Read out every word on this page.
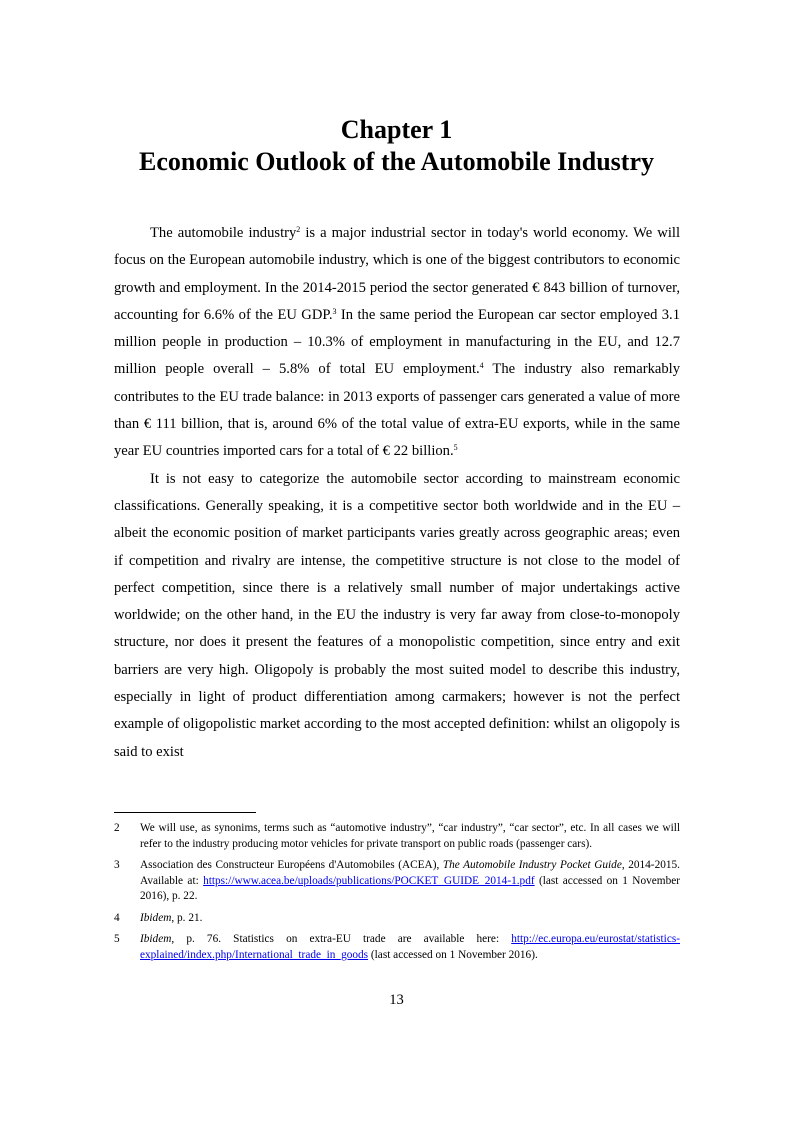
Chapter 1
Economic Outlook of the Automobile Industry

The automobile industry$^2$ is a major industrial sector in today's world economy. We will focus on the European automobile industry, which is one of the biggest contributors to economic growth and employment. In the 2014-2015 period the sector generated € 843 billion of turnover, accounting for 6.6% of the EU GDP.$^3$ In the same period the European car sector employed 3.1 million people in production – 10.3% of employment in manufacturing in the EU, and 12.7 million people overall – 5.8% of total EU employment.$^4$ The industry also remarkably contributes to the EU trade balance: in 2013 exports of passenger cars generated a value of more than € 111 billion, that is, around 6% of the total value of extra-EU exports, while in the same year EU countries imported cars for a total of € 22 billion.$^5$

It is not easy to categorize the automobile sector according to mainstream economic classifications. Generally speaking, it is a competitive sector both worldwide and in the EU – albeit the economic position of market participants varies greatly across geographic areas; even if competition and rivalry are intense, the competitive structure is not close to the model of perfect competition, since there is a relatively small number of major undertakings active worldwide; on the other hand, in the EU the industry is very far away from close-to-monopoly structure, nor does it present the features of a monopolistic competition, since entry and exit barriers are very high. Oligopoly is probably the most suited model to describe this industry, especially in light of product differentiation among carmakers; however is not the perfect example of oligopolistic market according to the most accepted definition: whilst an oligopoly is said to exist

2 We will use, as synonims, terms such as “automotive industry”, “car industry”, “car sector”, etc. In all cases we will refer to the industry producing motor vehicles for private transport on public roads (passenger cars).
3 Association des Constructeur Européens d'Automobiles (ACEA), The Automobile Industry Pocket Guide, 2014-2015. Available at: https://www.acea.be/uploads/publications/POCKET_GUIDE_2014-1.pdf (last accessed on 1 November 2016), p. 22.
4 Ibidem, p. 21.
5 Ibidem, p. 76. Statistics on extra-EU trade are available here: http://ec.europa.eu/eurostat/statistics-explained/index.php/International_trade_in_goods (last accessed on 1 November 2016).
13
